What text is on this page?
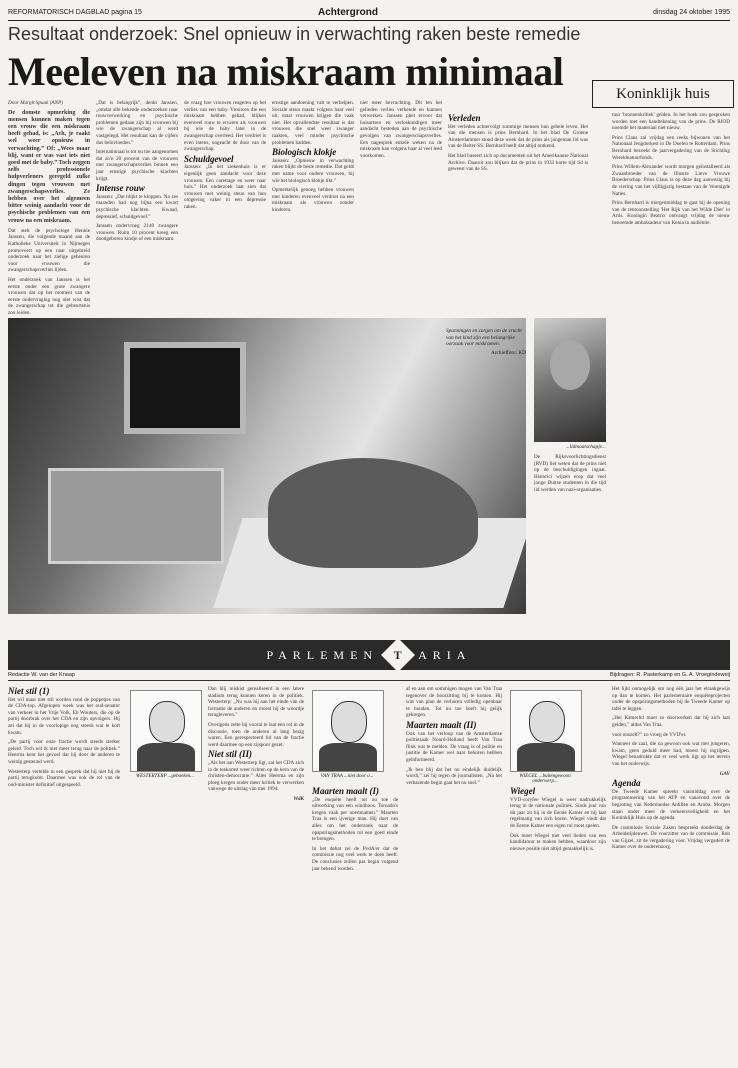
REFORMATORISCH DAGBLAD pagina 15	Achtergrond	dinsdag 24 oktober 1995
Resultaat onderzoek: Snel opnieuw in verwachting raken beste remedie
Meeleven na miskraam minimaal

Door Margit Spaak (ANP)

De domste opmerking die mensen kunnen maken tegen een vrouw die een miskraam heeft gehad, is: „Ach, je raakt wel weer opnieuw in verwachting.” Of: „Wees maar blij, want er was vast iets niet goed met de baby.” Toch zeggen zelfs professionele hulpverleners geregeld zulke dingen tegen vrouwen met zwangerschapsverlies. Ze hebben over het algemeen bitter weinig aandacht voor de psychische problemen van een vrouw na een miskraam.

Dat stelt de psychologe Hennie Janssen, die volgende maand aan de Katholieke Universiteit in Nijmegen promoveert op een naar uitgebreid onderzoek naar het zielige gebeuren voor vrouwen die zwangerschapsverlies lijden.

Het onderzoek van Janssen is het eerste onder een grote zwangere vrouwen dat op het moment van de eerste ondervraging nog niet wist dat de zwangerschap tot die gebeurtenis zou leiden.

„Dat is belangrijk”, denkt Janssen, „omdat alle bekende onderzoeken naar rouwverwerking en psychische problemen gedaan zijn bij vrouwen bij wie de zwangerschap al werd vastgelegd. Het resultaat kan de cijfers dus beïnvloeden.”

Internationaal is tot nu toe aangenomen dat zo'n 20 procent van de vrouwen met zwangerschapsverlies binnen een jaar ernstige psychische klachten krijgt.

Intense rouw

Janssen: „Dat blijkt te kloppen. Na zes maanden had nog bijna een kwart psychische klachten. Kwaad, depressief, schuldgevoel.”

Janssen ondervroeg 2140 zwangere vrouwen. Ruim 10 procent kreeg een doodgeboren kindje of een miskraam.

de vraag hoe vrouwen reageren op het verlies van een baby. Vrouwen die een miskraam hebben gehad, blijken evenveel rouw te ervaren als vrouwen bij wie de baby later in de zwangerschap overleed. Het verdriet is even intens, ongeacht de duur van de zwangerschap.

Schuldgevoel

Janssen: „In het ziekenhuis is er eigenlijk geen aandacht voor deze vrouwen. Een curettage en weer naar huis.” Het onderzoek laat zien dat vrouwen met weinig steun van hun omgeving vaker in een depressie raken.

ernstige aandoening valt te verhelpen. Sociale steun maakt volgens haar veel uit, maar vrouwen krijgen die vaak niet. Het opvallendste resultaat is dat vrouwen die snel weer zwanger raakten, veel minder psychische problemen hadden.

Biologisch klokje

Janssen: „Opnieuw in verwachting raken blijkt de beste remedie. Dat geldt met name voor oudere vrouwen, bij wie het biologisch klokje tikt.”

Opmerkelijk genoeg hebben vrouwen met kinderen evenveel verdriet na een miskraam als vrouwen zonder kinderen.

niet meer bevruchting. Dit ten het gelieden verlies verkende en kunnen verwerken. Janssen pleit ervoor dat huisartsen en verloskundigen meer aandacht besteden aan de psychische gevolgen van zwangerschapsverlies. Een nagesprek enkele weken na de miskraam kan volgens haar al veel leed voorkomen.

Koninklijk huis
Verleden

Het verleden achtervolgt sommige mensen hun gehele leven. Het van die mensen is prins Bernhard. In het blad De Groene Amsterdammer stond deze week dat de prins als jongeman lid was van de Reiter-SS. Bernhard heeft dat altijd ontkend.

Het blad baseert zich op documenten uit het Amerikaanse National Archive. Daaruit zou blijken dat de prins in 1933 korte tijd lid is geweest van de SS.

tuur 'bronnenkritiek' gelden. In het boek zou gesproken worden met een handtekening van de prins. De RIOD noemde het materiaal niet nieuw.

Prins Claus zal vrijdag een reeks bijwonen van het Nationaal Jeugdorkest in De Doelen te Rotterdam. Prins Bernhard bezoekt de jaarvergadering van de Stichting Wereldnatuurfonds.

Prins Willem-Alexander wordt morgen geïnstalleerd als Zwaanbroeder van de Illustre Lieve Vrouwe Broederschap. Prins Claus is op deze dag aanwezig bij de viering van het vijftigjarig bestaan van de Verenigde Naties.

Prins Bernhard is morgenmiddag te gast bij de opening van de tentoonstelling 'Het Rijk van het Wilde Dier' in Artis. Koningin Beatrix ontvangt vrijdag de nieuw benoemde ambassadeur van Kenia in audiëntie.

Spanningen en zorgen om de vrucht van het kind zijn een belangrijke oorzaak voor miskramen.
Archieffoto: KD
...lidmaatschapje...

De Rijksvoorlichtingsdienst (RVD) liet weten dat de prins niet op de beschuldigingen ingaat. Historici wijzen erop dat veel jonge Duitse studenten in die tijd lid werden van nazi-organisaties.

PARLEMEN T ARIA
Redactie W. van der Knaap	Bijdragen: R. Pasterkamp en G. A. Vroegindeweij
Niet stil (1)

Het wil maar niet stil worden rond de poppetjes van de CDA-top. Afgelopen week was het oud-senator van verkeer in het Vrije Volk, Eb Wouters, die op de partij doorbrak over het CDA en zijn opvolgers. Hij zei dat hij in de voorlopige nog steeds wat te kort kwam.

„De partij voor onze fractie wordt steeds sterker geleid. Toch wil ik niet meer terug naar de politiek.” Heerma kent het gevoel dat hij door de anderen te weinig gesteund werd.

Westerterp vertelde in een gesprek dat hij niet bij de partij terugkomt. Daarmee was ook de rol van de oud-minister definitief uitgespeeld.

WESTERTERP ...geboeken...

Dan blij reiskist gerealiseerd in een latere stadium terug kunnen keren in de politiek. Westerterp: „Nu was hij aan het einde van de formatie de anderen en moest hij de woordje terugleveren.”

Overigens zette hij vooral te laat een rol in de discussie, toen de anderen al lang bezig waren. Een gerespecteerd lid van de fractie werd daarmee op een zijspoor gezet.

Niet stil (II)

„Als het aan Westerterp ligt, zal het CDA zich in de toekomst weer richten op de kern van de christen-democratie.” Alles Heerma en zijn ploeg kregen onder meer kritiek te verwerken vanwege de uitslag van mei 1994.

WdK

VAN TRAA ...niet door o...
Maarten maalt (I)

„De enquête heeft tot nu toe de uitwerking van een windhoos. Tornado's kregen vaak per noemnamen.” Maarten Traa is een ijverige man. Hij doet van alles om het onderzoek naar de opsporingsmethoden tot een goed einde te brengen.

In het debat zei de PvdA'er dat de commissie nog veel werk te doen heeft. De conclusies zullen pas begin volgend jaar bekend worden.

af en aan om sommigen mogen van Van Traa tegenover de hoorzitting bij te komen. Hij was van plan de verhoren volledig openbaar te houden. Tot nu toe heeft hij gelijk gekregen.

Maarten maalt (II)

Ook van het verloop van de Amsterdamse politiezaak Noord-Holland heeft Van Traa flink wat te melden. De vraag is of politie en justitie de Kamer wel naar behoren hebben geïnformeerd.

„Ik ben blij dat het nu eindelijk duidelijk wordt,” zei hij tegen de journalisten. „Na het verbazende begin gaat het nu snel.”

WIEGEL ...buitengewoon onderwerp...
Wiegel

VVD-coryfee Wiegel is weer nadrukkelijk terug in de nationale politiek. Sinds juni van dit jaar zit hij in de Eerste Kamer en hij laat regelmatig van zich horen. Wiegel vindt dat de Eerste Kamer een eigen rol moet spelen.

Ook moet Wiegel met veel lieden van een kandidatuur te maken hebben, waardoor zijn nieuwe positie niet altijd gemakkelijk is.

Het lijkt onmogelijk om nog één jaar het elraakgewijs op dan te komen. Het parlementaire enquêteprojecten onder de opsporingsmethoden bij de Tweede Kamer op tafel te leggen.

„Het Kamerlid moet zo doorwerken dat hij zich laat gelden,” aldus Van Traa.

voor onszelf?” zo vroeg de VVD'er.

Wanneer de zaal, die na gewoon ook wat met jongeren, kwam, geen geduld meer had, moest hij ingrijpen. Wiegel benadrukte dat er veel werk ligt op het terrein van het onderwijs.

GAV

Agenda

De Tweede Kamer spreekt vanmiddag over de programmering van het ATP en vanavond over de begroting van Nederlandse Antillen en Aruba. Morgen staan onder meer de verkeersveiligheid en het Koninklijk Huis op de agenda.

De commissie Sociale Zaken bespreekt donderdag de Arbeidstijdenwet. De voorzitter van de commissie, Rob van Gijzel, zit de vergadering voor. Vrijdag vergadert de Kamer over de ouderenzorg.
